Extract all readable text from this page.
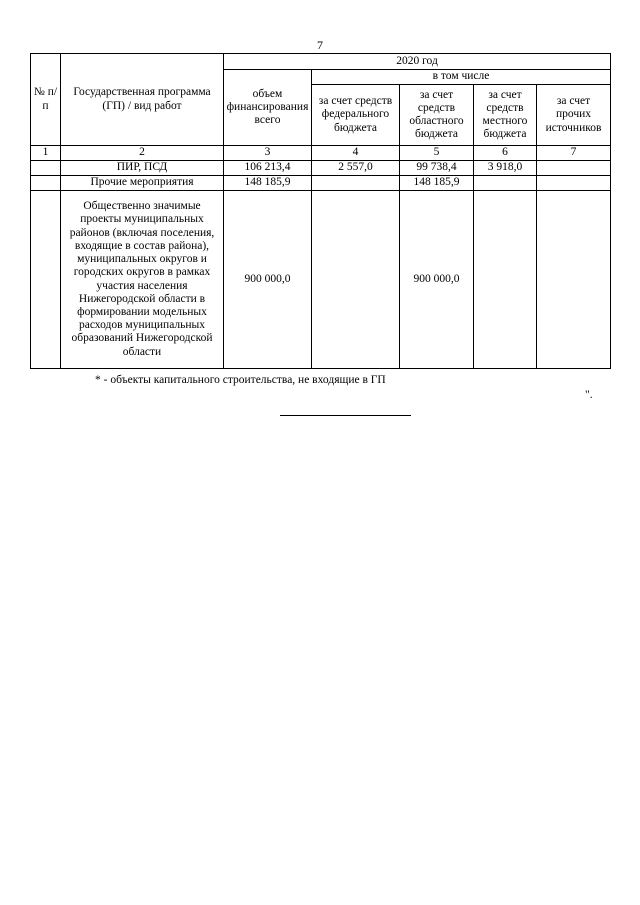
7
№ п/п	Государственная программа (ГП) / вид работ	2020 год				
		объем финансирования всего	в том числе			
			за счет средств федерального бюджета	за счет средств областного бюджета	за счет средств местного бюджета	за счет прочих источников
1	2	3	4	5	6	7
	ПИР, ПСД	106 213,4	2 557,0	99 738,4	3 918,0	
	Прочие мероприятия	148 185,9		148 185,9		
	Общественно значимые проекты муниципальных районов (включая поселения, входящие в состав района), муниципальных округов и городских округов в рамках участия населения Нижегородской области в формировании модельных расходов муниципальных образований Нижегородской области	900 000,0		900 000,0		
* - объекты капитального строительства, не входящие в ГП
".
